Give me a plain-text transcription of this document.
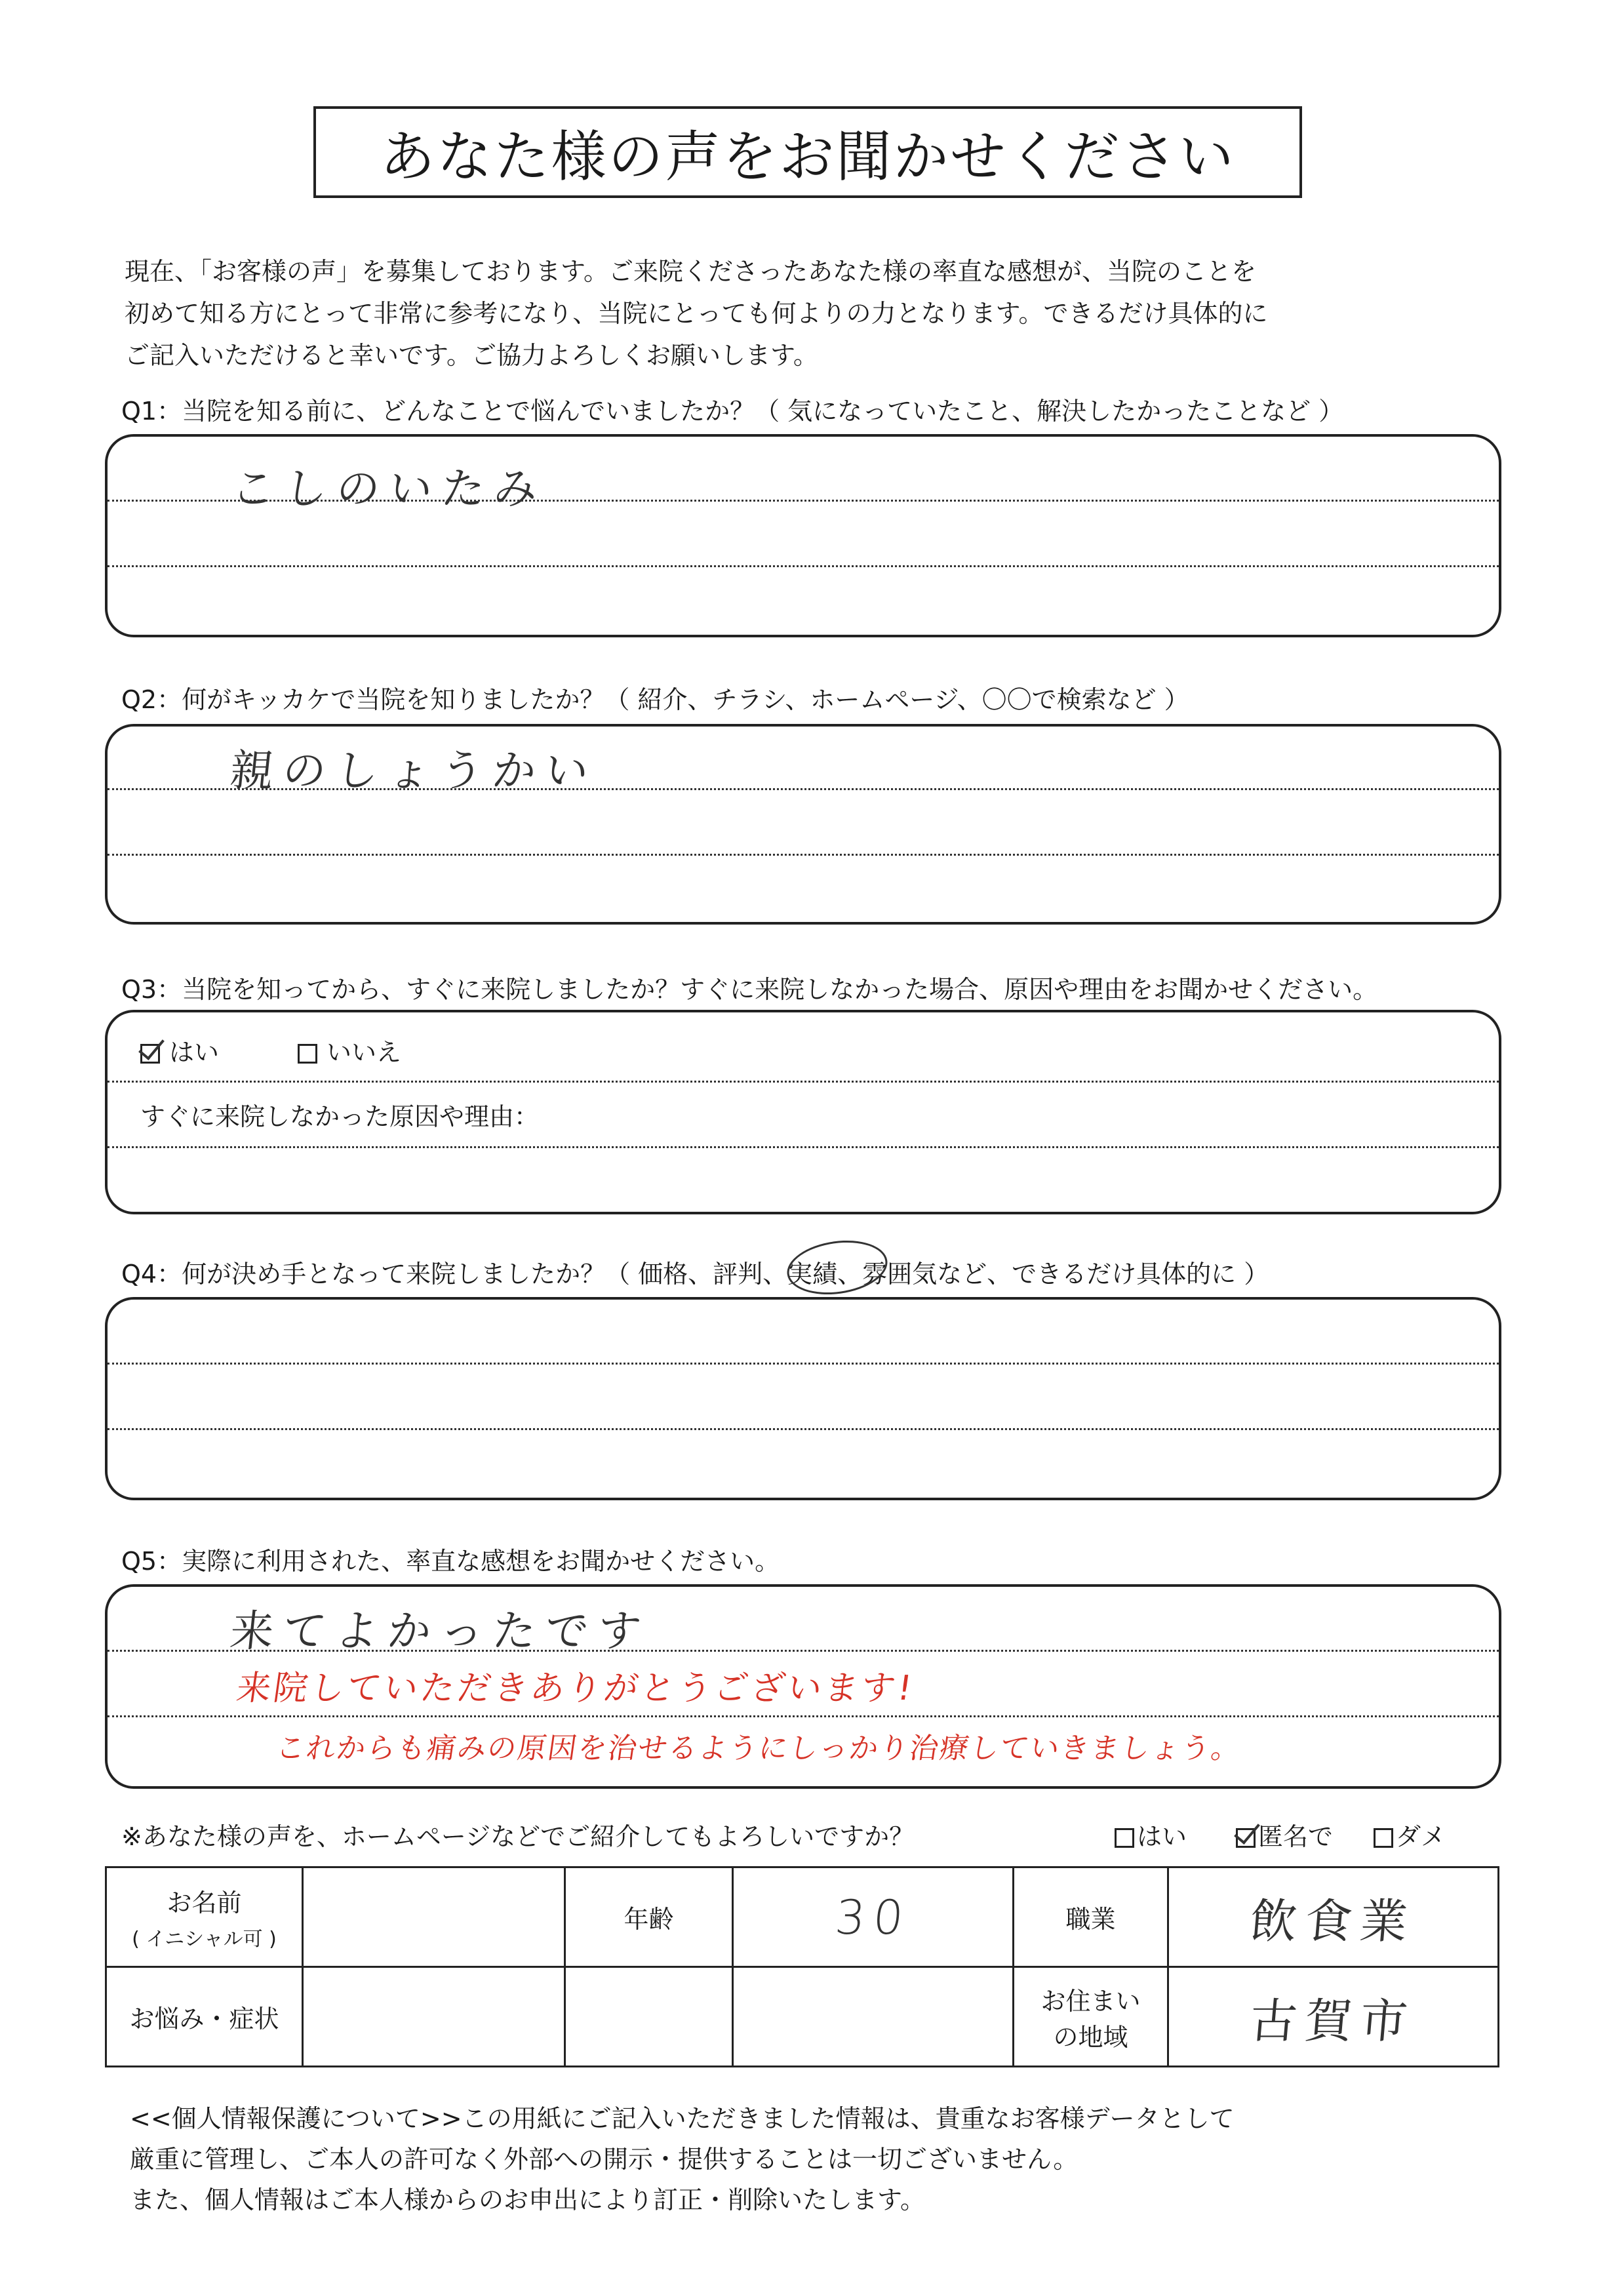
あなた様の声をお聞かせください
現在、「お客様の声」を募集しております。ご来院くださったあなた様の率直な感想が、当院のことを
初めて知る方にとって非常に参考になり、当院にとっても何よりの力となります。できるだけ具体的に
ご記入いただけると幸いです。ご協力よろしくお願いします。
Q1：当院を知る前に、どんなことで悩んでいましたか？（ 気になっていたこと、解決したかったことなど ）
こしのいたみ
Q2：何がキッカケで当院を知りましたか？（ 紹介、チラシ、ホームページ、〇〇で検索など ）
親のしょうかい
Q3：当院を知ってから、すぐに来院しましたか？すぐに来院しなかった場合、原因や理由をお聞かせください。
はい	いいえ
すぐに来院しなかった原因や理由：
Q4：何が決め手となって来院しましたか？（ 価格、評判、実績、雰囲気など、できるだけ具体的に ）
Q5：実際に利用された、率直な感想をお聞かせください。
来てよかったです
来院していただきありがとうございます!
これからも痛みの原因を治せるようにしっかり治療していきましょう。
※あなた様の声を、ホームページなどでご紹介してもよろしいですか？	はい	匿名で	ダメ
お名前
( イニシャル可 )		年齢	30	職業	飲食業
お悩み・症状				お住まい
の地域	古賀市
<<個人情報保護について>>この用紙にご記入いただきました情報は、貴重なお客様データとして
厳重に管理し、ご本人の許可なく外部への開示・提供することは一切ございません。
また、個人情報はご本人様からのお申出により訂正・削除いたします。
